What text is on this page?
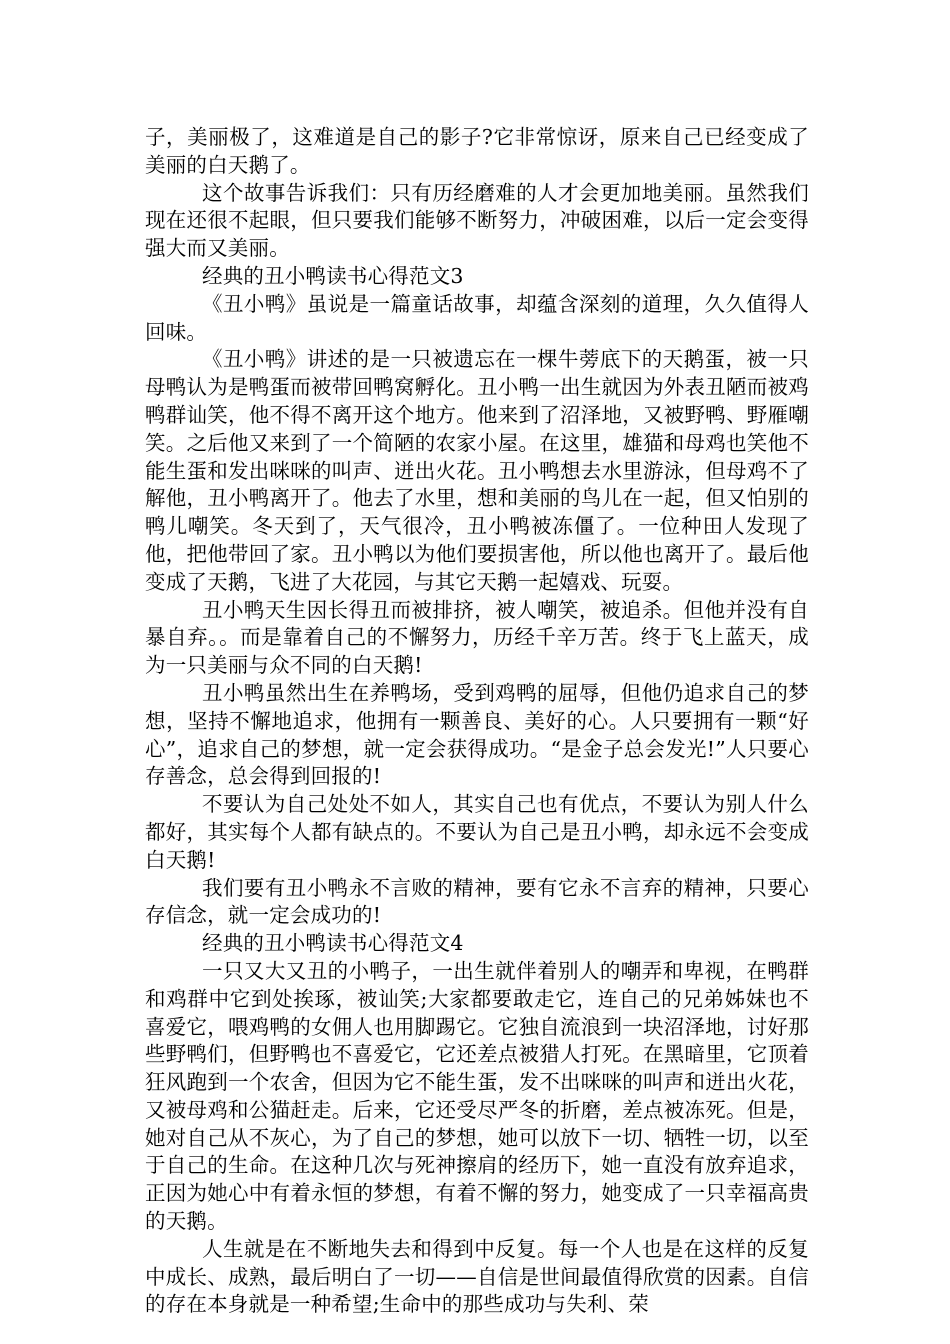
子，美丽极了，这难道是自己的影子?它非常惊讶，原来自己已经变成了美丽的白天鹅了。

这个故事告诉我们：只有历经磨难的人才会更加地美丽。虽然我们现在还很不起眼，但只要我们能够不断努力，冲破困难，以后一定会变得强大而又美丽。

经典的丑小鸭读书心得范文3

《丑小鸭》虽说是一篇童话故事，却蕴含深刻的道理，久久值得人回味。

《丑小鸭》讲述的是一只被遗忘在一棵牛蒡底下的天鹅蛋，被一只母鸭认为是鸭蛋而被带回鸭窝孵化。丑小鸭一出生就因为外表丑陋而被鸡鸭群讪笑，他不得不离开这个地方。他来到了沼泽地，又被野鸭、野雁嘲笑。之后他又来到了一个简陋的农家小屋。在这里，雄猫和母鸡也笑他不能生蛋和发出咪咪的叫声、迸出火花。丑小鸭想去水里游泳，但母鸡不了解他，丑小鸭离开了。他去了水里，想和美丽的鸟儿在一起，但又怕别的鸭儿嘲笑。冬天到了，天气很冷，丑小鸭被冻僵了。一位种田人发现了他，把他带回了家。丑小鸭以为他们要损害他，所以他也离开了。最后他变成了天鹅，飞进了大花园，与其它天鹅一起嬉戏、玩耍。

丑小鸭天生因长得丑而被排挤，被人嘲笑，被追杀。但他并没有自暴自弃。。而是靠着自己的不懈努力，历经千辛万苦。终于飞上蓝天，成为一只美丽与众不同的白天鹅!

丑小鸭虽然出生在养鸭场，受到鸡鸭的屈辱，但他仍追求自己的梦想，坚持不懈地追求，他拥有一颗善良、美好的心。人只要拥有一颗“好心”，追求自己的梦想，就一定会获得成功。“是金子总会发光!”人只要心存善念，总会得到回报的!

不要认为自己处处不如人，其实自己也有优点，不要认为别人什么都好，其实每个人都有缺点的。不要认为自己是丑小鸭，却永远不会变成白天鹅!

我们要有丑小鸭永不言败的精神，要有它永不言弃的精神，只要心存信念，就一定会成功的!

经典的丑小鸭读书心得范文4

一只又大又丑的小鸭子，一出生就伴着别人的嘲弄和卑视，在鸭群和鸡群中它到处挨琢，被讪笑;大家都要敢走它，连自己的兄弟姊妹也不喜爱它，喂鸡鸭的女佣人也用脚踢它。它独自流浪到一块沼泽地，讨好那些野鸭们，但野鸭也不喜爱它，它还差点被猎人打死。在黑暗里，它顶着狂风跑到一个农舍，但因为它不能生蛋，发不出咪咪的叫声和迸出火花，又被母鸡和公猫赶走。后来，它还受尽严冬的折磨，差点被冻死。但是，她对自己从不灰心，为了自己的梦想，她可以放下一切、牺牲一切，以至于自己的生命。在这种几次与死神擦肩的经历下，她一直没有放弃追求，正因为她心中有着永恒的梦想，有着不懈的努力，她变成了一只幸福高贵的天鹅。

人生就是在不断地失去和得到中反复。每一个人也是在这样的反复中成长、成熟，最后明白了一切——自信是世间最值得欣赏的因素。自信的存在本身就是一种希望;生命中的那些成功与失利、荣
